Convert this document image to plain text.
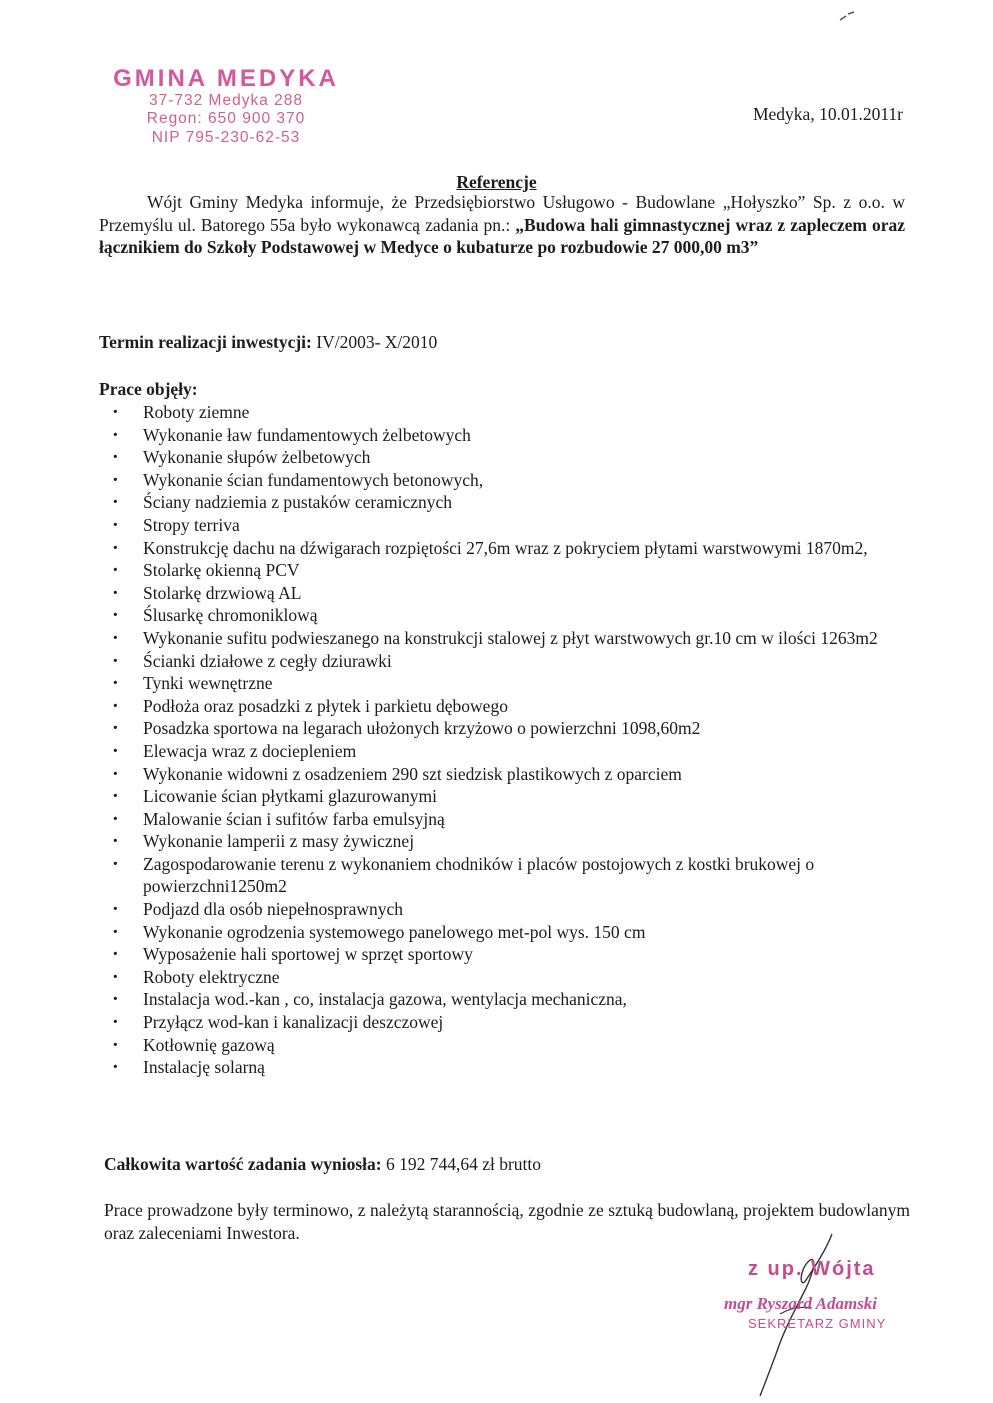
GMINA MEDYKA
37-732 Medyka 288
Regon: 650 900 370
NIP 795-230-62-53
Medyka, 10.01.2011r
Referencje
Wójt Gminy Medyka informuje, że Przedsiębiorstwo Usługowo - Budowlane „Hołyszko” Sp. z o.o. w Przemyślu ul. Batorego 55a było wykonawcą zadania pn.: „Budowa hali gimnastycznej wraz z zapleczem oraz łącznikiem do Szkoły Podstawowej w Medyce o kubaturze po rozbudowie 27 000,00 m3”
Termin realizacji inwestycji: IV/2003- X/2010
Prace objęły:
· Roboty ziemne
· Wykonanie ław fundamentowych żelbetowych
· Wykonanie słupów żelbetowych
· Wykonanie ścian fundamentowych betonowych,
· Ściany nadziemia z pustaków ceramicznych
· Stropy terriva
· Konstrukcję dachu na dźwigarach rozpiętości 27,6m wraz z pokryciem płytami warstwowymi 1870m2,
· Stolarkę okienną PCV
· Stolarkę drzwiową AL
· Ślusarkę chromoniklową
· Wykonanie sufitu podwieszanego na konstrukcji stalowej z płyt warstwowych gr.10 cm w ilości 1263m2
· Ścianki działowe z cegły dziurawki
· Tynki wewnętrzne
· Podłoża oraz posadzki z płytek i parkietu dębowego
· Posadzka sportowa na legarach ułożonych krzyżowo o powierzchni 1098,60m2
· Elewacja wraz z dociepleniem
· Wykonanie widowni z osadzeniem 290 szt siedzisk plastikowych z oparciem
· Licowanie ścian płytkami glazurowanymi
· Malowanie ścian i sufitów farba emulsyjną
· Wykonanie lamperii z masy żywicznej
· Zagospodarowanie terenu z wykonaniem chodników i placów postojowych z kostki brukowej o powierzchni1250m2
· Podjazd dla osób niepełnosprawnych
· Wykonanie ogrodzenia systemowego panelowego met-pol wys. 150 cm
· Wyposażenie hali sportowej w sprzęt sportowy
· Roboty elektryczne
· Instalacja wod.-kan , co, instalacja gazowa, wentylacja mechaniczna,
· Przyłącz wod-kan i kanalizacji deszczowej
· Kotłownię gazową
· Instalację solarną
Całkowita wartość zadania wyniosła: 6 192 744,64 zł brutto
Prace prowadzone były terminowo, z należytą starannością, zgodnie ze sztuką budowlaną, projektem budowlanym oraz zaleceniami Inwestora.
z up. Wójta
mgr Ryszard Adamski
SEKRETARZ GMINY
